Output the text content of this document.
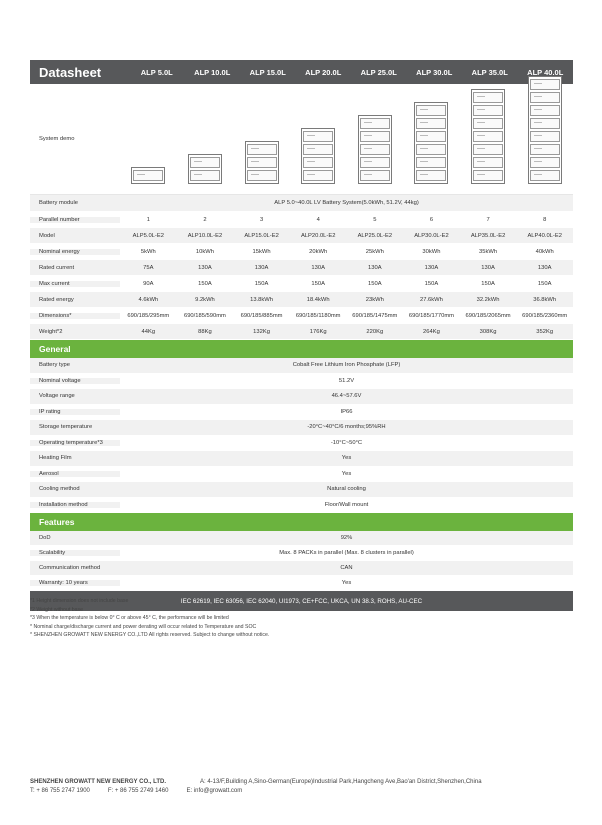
Datasheet	ALP 5.0L	ALP 10.0L	ALP 15.0L	ALP 20.0L	ALP 25.0L	ALP 30.0L	ALP 35.0L	ALP 40.0L
System demo
Battery module	ALP 5.0~40.0L LV Battery System(5.0kWh, 51.2V, 44kg)
Parallel number	1	2	3	4	5	6	7	8
Model	ALP5.0L-E2	ALP10.0L-E2	ALP15.0L-E2	ALP20.0L-E2	ALP25.0L-E2	ALP30.0L-E2	ALP35.0L-E2	ALP40.0L-E2
Nominal energy	5kWh	10kWh	15kWh	20kWh	25kWh	30kWh	35kWh	40kWh
Rated current	75A	130A	130A	130A	130A	130A	130A	130A
Max current	90A	150A	150A	150A	150A	150A	150A	150A
Rated energy	4.6kWh	9.2kWh	13.8kWh	18.4kWh	23kWh	27.6kWh	32.2kWh	36.8kWh
Dimensions*	690/185/295mm	690/185/590mm	690/185/885mm	690/185/1180mm	690/185/1475mm	690/185/1770mm	690/185/2065mm	690/185/2360mm
Weight*2	44Kg	88Kg	132Kg	176Kg	220Kg	264Kg	308Kg	352Kg
General
Battery type	Cobalt Free Lithium Iron Phosphate (LFP)
Nominal voltage	51.2V
Voltage range	46.4~57.6V
IP rating	IP66
Storage temperature	-20°C~40°C/6 months;95%RH
Operating temperature*3	-10°C~50°C
Heating Film	Yes
Aerosol	Yes
Cooling method	Natural cooling
Installation method	Floor/Wall mount
Features
DoD	92%
Scalability	Max. 8 PACKs in parallel (Max. 8 clusters in parallel)
Communication method	CAN
Warranty: 10 years	Yes
IEC 62619, IEC 63056, IEC 62040, UI1973, CE+FCC, UKCA, UN 38.3, ROHS, AU-CEC
*1 Height dimension does not include base
*2 Weight without base
*3 When the temperature is below 0° C or above 45° C, the performance will be limited
* Nominal charge/discharge current and power derating will occur related to Temperature and SOC
* SHENZHEN GROWATT NEW ENERGY CO.,LTD All rights reserved. Subject to change without notice.
SHENZHEN GROWATT NEW ENERGY CO., LTD.	A: 4-13/F,Building A,Sino-German(Europe)Industrial Park,Hangcheng Ave,Bao'an District,Shenzhen,China
T: + 86 755 2747 1900	F: + 86 755 2749 1460	E: info@growatt.com
